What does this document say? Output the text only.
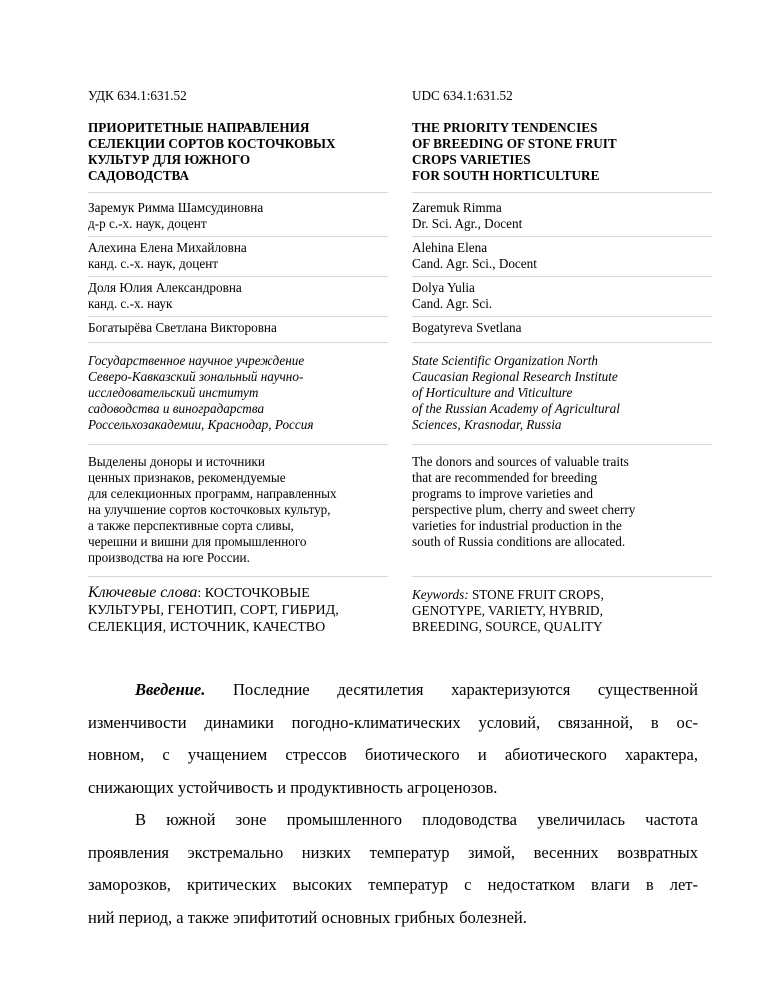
УДК 634.1:631.52	UDC 634.1:631.52
ПРИОРИТЕТНЫЕ НАПРАВЛЕНИЯ
СЕЛЕКЦИИ СОРТОВ КОСТОЧКОВЫХ
КУЛЬТУР ДЛЯ ЮЖНОГО
САДОВОДСТВА
THE PRIORITY TENDENCIES
OF BREEDING OF STONE FRUIT
CROPS VARIETIES
FOR SOUTH HORTICULTURE
Заремук Римма Шамсудиновна
д-р с.-х. наук, доцент
Zaremuk Rimma
Dr. Sci. Agr., Docent
Алехина Елена Михайловна
канд. с.-х. наук, доцент
Alehina Elena
Cand. Agr. Sci., Docent
Доля Юлия Александровна
канд. с.-х. наук
Dolya Yulia
Cand. Agr. Sci.
Богатырёва Светлана Викторовна	Bogatyreva Svetlana
Государственное научное учреждение
Северо-Кавказский зональный научно-
исследовательский институт
садоводства и виноградарства
Россельхозакадемии, Краснодар, Россия
State Scientific Organization North
Caucasian Regional Research Institute
of Horticulture and Viticulture
of the Russian Academy of Agricultural
Sciences, Krasnodar, Russia
Выделены доноры и источники
ценных признаков, рекомендуемые
для селекционных программ, направленных
на улучшение сортов косточковых культур,
а также перспективные сорта сливы,
черешни и вишни для промышленного
производства на юге России.
The donors and sources of valuable traits
that are recommended for breeding
programs to improve varieties and
perspective plum, cherry and sweet cherry
varieties for industrial production in the
south of Russia conditions are allocated.
Ключевые слова: КОСТОЧКОВЫЕ
КУЛЬТУРЫ, ГЕНОТИП, СОРТ, ГИБРИД,
СЕЛЕКЦИЯ, ИСТОЧНИК, КАЧЕСТВО
Keywords: STONE FRUIT CROPS,
GENOTYPE, VARIETY, HYBRID,
BREEDING, SOURCE, QUALITY

Введение. Последние десятилетия характеризуются существенной
изменчивости динамики погодно-климатических условий, связанной, в ос-
новном, с учащением стрессов биотического и абиотического характера,
снижающих устойчивость и продуктивность агроценозов.

В южной зоне промышленного плодоводства увеличилась частота
проявления экстремально низких температур зимой, весенних возвратных
заморозков, критических высоких температур с недостатком влаги в лет-
ний период, а также эпифитотий основных грибных болезней.
